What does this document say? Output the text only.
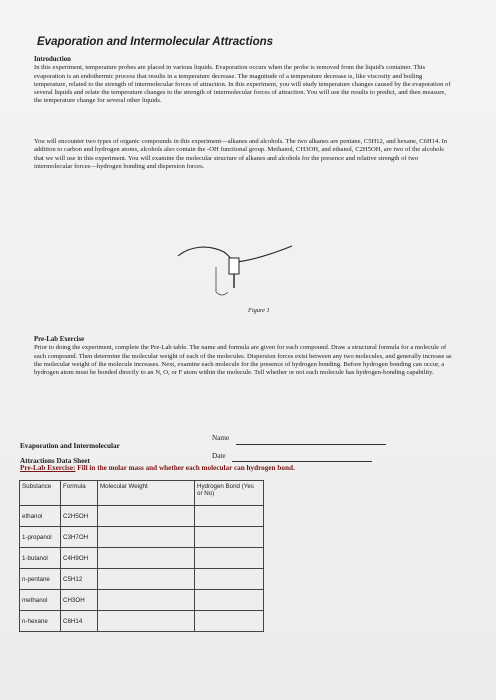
Evaporation and Intermolecular Attractions

Introduction
In this experiment, temperature probes are placed in various liquids. Evaporation occurs when the probe is removed from the liquid's container. This evaporation is an endothermic process that results in a temperature decrease. The magnitude of a temperature decrease is, like viscosity and boiling temperature, related to the strength of intermolecular forces of attraction. In this experiment, you will study temperature changes caused by the evaporation of several liquids and relate the temperature changes to the strength of intermolecular forces of attraction. You will use the results to predict, and then measure, the temperature change for several other liquids.

You will encounter two types of organic compounds in this experiment—alkanes and alcohols. The two alkanes are pentane, C5H12, and hexane, C6H14. In addition to carbon and hydrogen atoms, alcohols also contain the -OH functional group. Methanol, CH3OH, and ethanol, C2H5OH, are two of the alcohols that we will use in this experiment. You will examine the molecular structure of alkanes and alcohols for the presence and relative strength of two intermolecular forces—hydrogen bonding and dispersion forces.

Figure 1

Pre-Lab Exercise
Prior to doing the experiment, complete the Pre-Lab table. The name and formula are given for each compound. Draw a structural formula for a molecule of each compound. Then determine the molecular weight of each of the molecules. Dispersion forces exist between any two molecules, and generally increase as the molecular weight of the molecule increases. Next, examine each molecule for the presence of hydrogen bonding. Before hydrogen bonding can occur, a hydrogen atom must be bonded directly to an N, O, or F atom within the molecule. Tell whether or not each molecule has hydrogen-bonding capability.

Evaporation and Intermolecular
Attractions Data Sheet
Name
Date
Pre-Lab Exercise: Fill in the molar mass and whether each molecular can hydrogen bond.
Substance	Formula	Molecular Weight	Hydrogen Bond (Yes or No)
ethanol	C2H5OH		
1-propanol	C3H7OH		
1-butanol	C4H9OH		
n-pentane	C5H12		
methanol	CH3OH		
n-hexane	C6H14		
